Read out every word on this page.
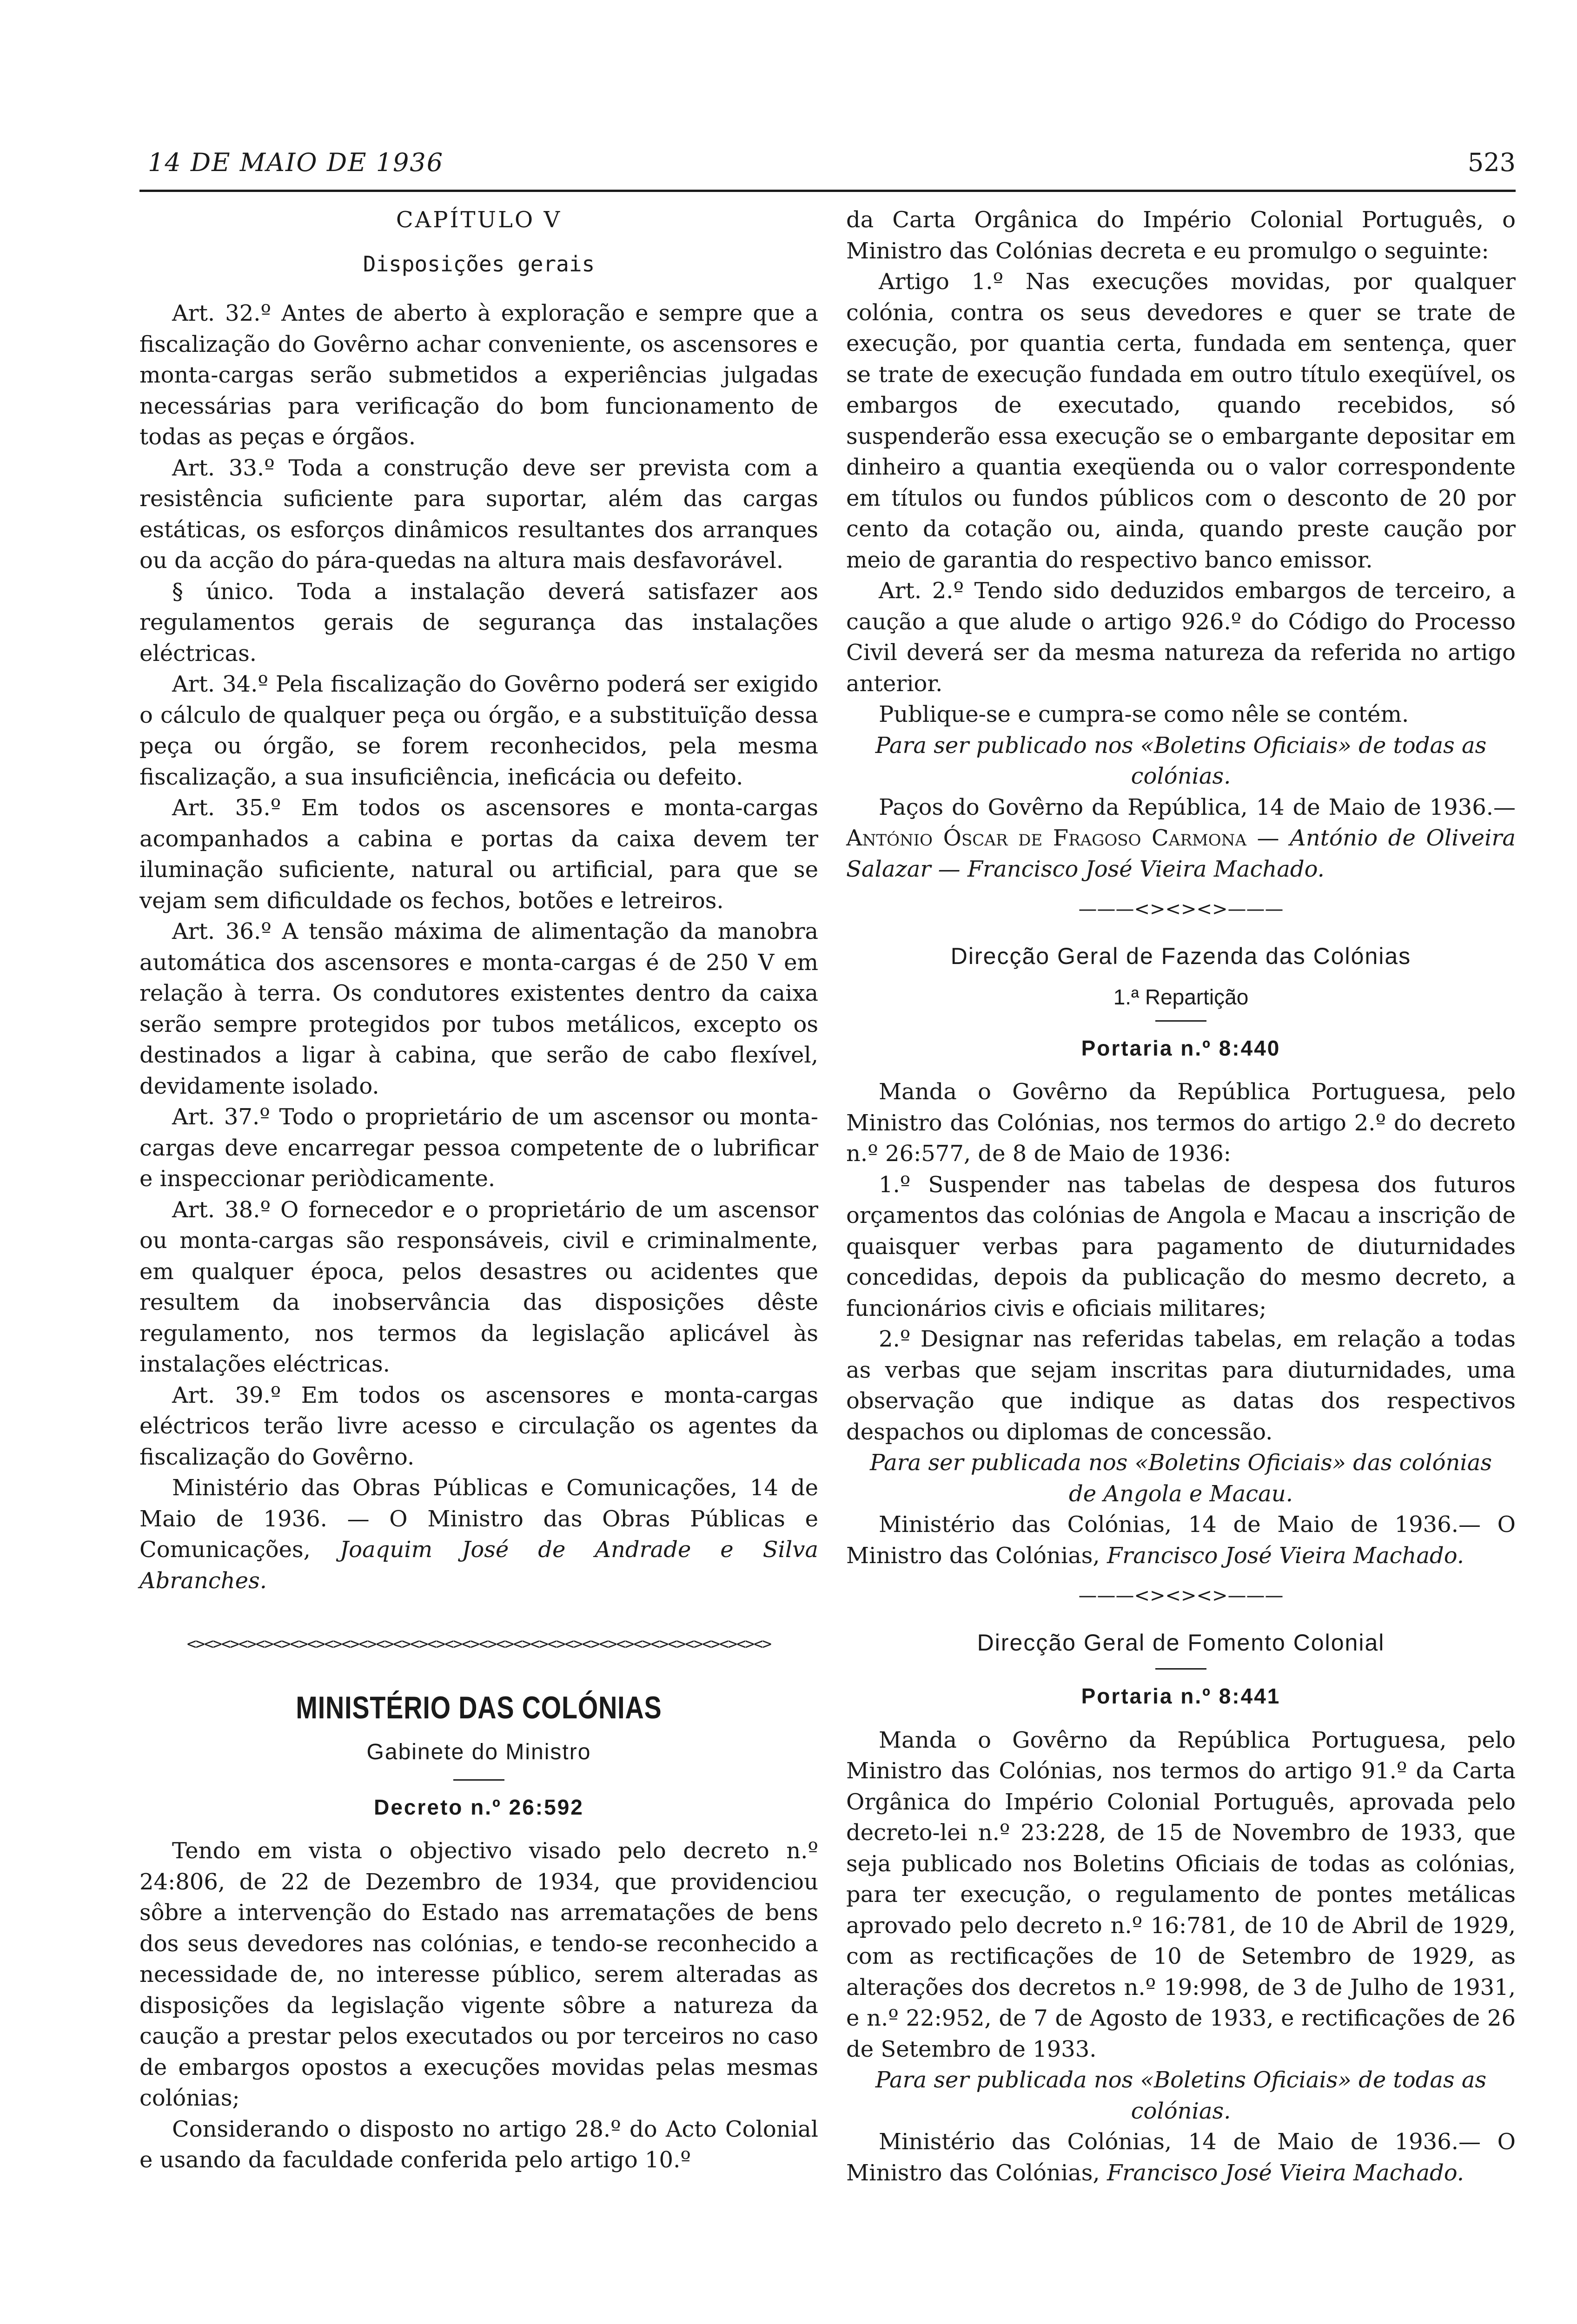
14 DE MAIO DE 1936	523

CAPÍTULO V

Disposições gerais

Art. 32.º Antes de aberto à exploração e sempre que a fiscalização do Govêrno achar conveniente, os ascensores e monta-cargas serão submetidos a experiências julgadas necessárias para verificação do bom funcionamento de todas as peças e órgãos.

Art. 33.º Toda a construção deve ser prevista com a resistência suficiente para suportar, além das cargas estáticas, os esforços dinâmicos resultantes dos arranques ou da acção do pára-quedas na altura mais desfavorável.

§ único. Toda a instalação deverá satisfazer aos regulamentos gerais de segurança das instalações eléctricas.

Art. 34.º Pela fiscalização do Govêrno poderá ser exigido o cálculo de qualquer peça ou órgão, e a substituïção dessa peça ou órgão, se forem reconhecidos, pela mesma fiscalização, a sua insuficiência, ineficácia ou defeito.

Art. 35.º Em todos os ascensores e monta-cargas acompanhados a cabina e portas da caixa devem ter iluminação suficiente, natural ou artificial, para que se vejam sem dificuldade os fechos, botões e letreiros.

Art. 36.º A tensão máxima de alimentação da manobra automática dos ascensores e monta-cargas é de 250 V em relação à terra. Os condutores existentes dentro da caixa serão sempre protegidos por tubos metálicos, excepto os destinados a ligar à cabina, que serão de cabo flexível, devidamente isolado.

Art. 37.º Todo o proprietário de um ascensor ou monta-cargas deve encarregar pessoa competente de o lubrificar e inspeccionar periòdicamente.

Art. 38.º O fornecedor e o proprietário de um ascensor ou monta-cargas são responsáveis, civil e criminalmente, em qualquer época, pelos desastres ou acidentes que resultem da inobservância das disposições dêste regulamento, nos termos da legislação aplicável às instalações eléctricas.

Art. 39.º Em todos os ascensores e monta-cargas eléctricos terão livre acesso e circulação os agentes da fiscalização do Govêrno.

Ministério das Obras Públicas e Comunicações, 14 de Maio de 1936. — O Ministro das Obras Públicas e Comunicações, Joaquim José de Andrade e Silva Abranches.

<><><><><><><><><><><><><><><><><><><><><><><><><><><><><><><><><><>
MINISTÉRIO DAS COLÓNIAS
Gabinete do Ministro
Decreto n.º 26:592

Tendo em vista o objectivo visado pelo decreto n.º 24:806, de 22 de Dezembro de 1934, que providenciou sôbre a intervenção do Estado nas arrematações de bens dos seus devedores nas colónias, e tendo-se reconhecido a necessidade de, no interesse público, serem alteradas as disposições da legislação vigente sôbre a natureza da caução a prestar pelos executados ou por terceiros no caso de embargos opostos a execuções movidas pelas mesmas colónias;

Considerando o disposto no artigo 28.º do Acto Colonial e usando da faculdade conferida pelo artigo 10.º

da Carta Orgânica do Império Colonial Português, o Ministro das Colónias decreta e eu promulgo o seguinte:

Artigo 1.º Nas execuções movidas, por qualquer colónia, contra os seus devedores e quer se trate de execução, por quantia certa, fundada em sentença, quer se trate de execução fundada em outro título exeqüível, os embargos de executado, quando recebidos, só suspenderão essa execução se o embargante depositar em dinheiro a quantia exeqüenda ou o valor correspondente em títulos ou fundos públicos com o desconto de 20 por cento da cotação ou, ainda, quando preste caução por meio de garantia do respectivo banco emissor.

Art. 2.º Tendo sido deduzidos embargos de terceiro, a caução a que alude o artigo 926.º do Código do Processo Civil deverá ser da mesma natureza da referida no artigo anterior.

Publique-se e cumpra-se como nêle se contém.

Para ser publicado nos «Boletins Oficiais» de todas as colónias.

Paços do Govêrno da República, 14 de Maio de 1936.—António Óscar de Fragoso Carmona — António de Oliveira Salazar — Francisco José Vieira Machado.

———<><><>———
Direcção Geral de Fazenda das Colónias
1.ª Repartição
Portaria n.º 8:440

Manda o Govêrno da República Portuguesa, pelo Ministro das Colónias, nos termos do artigo 2.º do decreto n.º 26:577, de 8 de Maio de 1936:

1.º Suspender nas tabelas de despesa dos futuros orçamentos das colónias de Angola e Macau a inscrição de quaisquer verbas para pagamento de diuturnidades concedidas, depois da publicação do mesmo decreto, a funcionários civis e oficiais militares;

2.º Designar nas referidas tabelas, em relação a todas as verbas que sejam inscritas para diuturnidades, uma observação que indique as datas dos respectivos despachos ou diplomas de concessão.

Para ser publicada nos «Boletins Oficiais» das colónias de Angola e Macau.

Ministério das Colónias, 14 de Maio de 1936.— O Ministro das Colónias, Francisco José Vieira Machado.

———<><><>———
Direcção Geral de Fomento Colonial
Portaria n.º 8:441

Manda o Govêrno da República Portuguesa, pelo Ministro das Colónias, nos termos do artigo 91.º da Carta Orgânica do Império Colonial Português, aprovada pelo decreto-lei n.º 23:228, de 15 de Novembro de 1933, que seja publicado nos Boletins Oficiais de todas as colónias, para ter execução, o regulamento de pontes metálicas aprovado pelo decreto n.º 16:781, de 10 de Abril de 1929, com as rectificações de 10 de Setembro de 1929, as alterações dos decretos n.º 19:998, de 3 de Julho de 1931, e n.º 22:952, de 7 de Agosto de 1933, e rectificações de 26 de Setembro de 1933.

Para ser publicada nos «Boletins Oficiais» de todas as colónias.

Ministério das Colónias, 14 de Maio de 1936.— O Ministro das Colónias, Francisco José Vieira Machado.
